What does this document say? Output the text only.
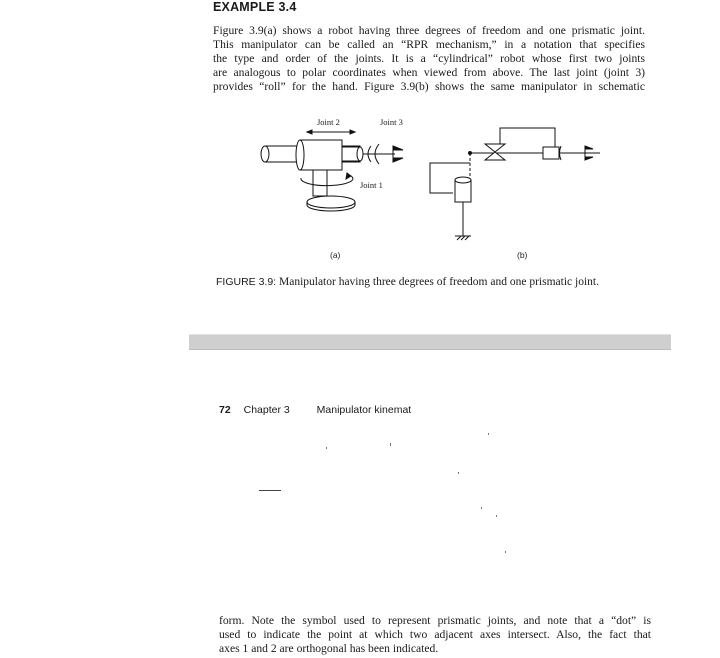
EXAMPLE 3.4
Figure 3.9(a) shows a robot having three degrees of freedom and one prismatic joint.
This manipulator can be called an “RPR mechanism,” in a notation that specifies
the type and order of the joints. It is a “cylindrical” robot whose first two joints
are analogous to polar coordinates when viewed from above. The last joint (joint 3)
provides “roll” for the hand. Figure 3.9(b) shows the same manipulator in schematic
Joint 2	Joint 3
Joint 1
(a)	(b)
FIGURE 3.9: Manipulator having three degrees of freedom and one prismatic joint.
72 Chapter 3	Manipulator kinemat
form. Note the symbol used to represent prismatic joints, and note that a “dot” is
used to indicate the point at which two adjacent axes intersect. Also, the fact that
axes 1 and 2 are orthogonal has been indicated.
